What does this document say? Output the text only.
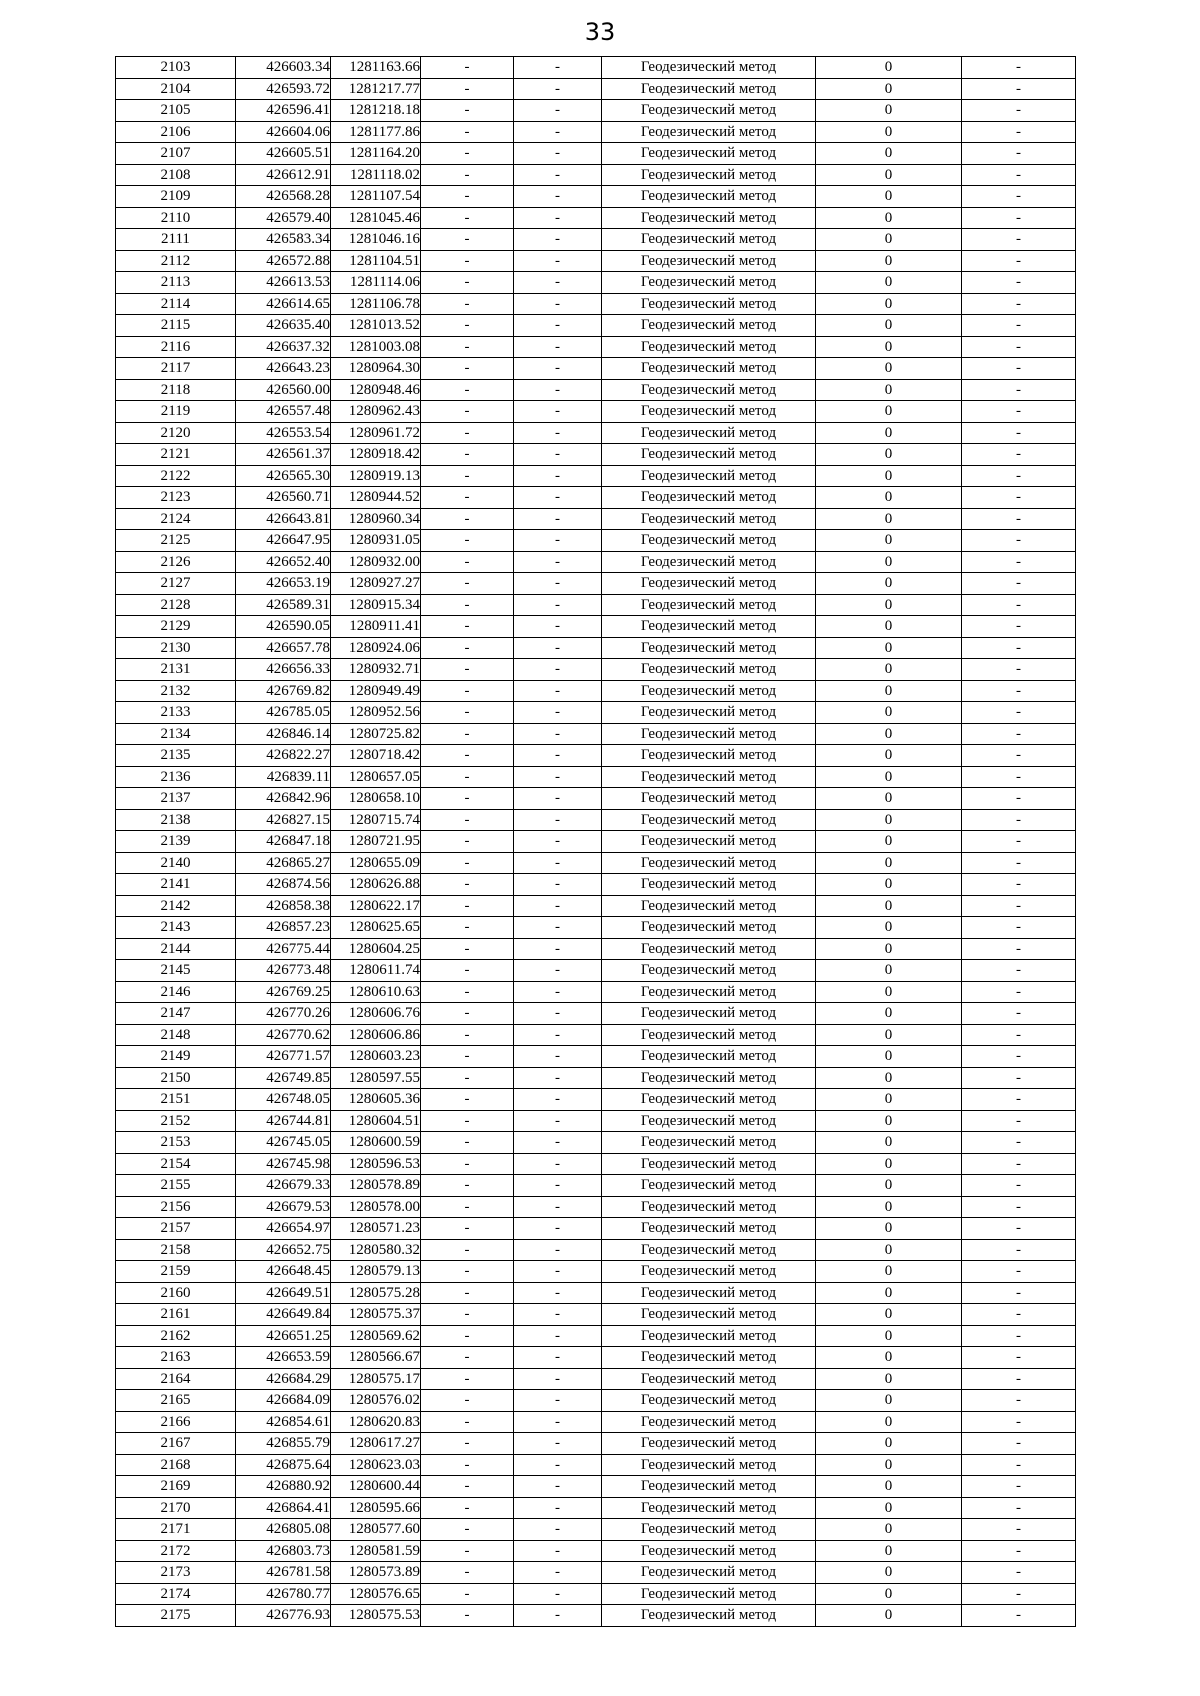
33
2103	426603.34	1281163.66	-	-	Геодезический метод	0	-
2104	426593.72	1281217.77	-	-	Геодезический метод	0	-
2105	426596.41	1281218.18	-	-	Геодезический метод	0	-
2106	426604.06	1281177.86	-	-	Геодезический метод	0	-
2107	426605.51	1281164.20	-	-	Геодезический метод	0	-
2108	426612.91	1281118.02	-	-	Геодезический метод	0	-
2109	426568.28	1281107.54	-	-	Геодезический метод	0	-
2110	426579.40	1281045.46	-	-	Геодезический метод	0	-
2111	426583.34	1281046.16	-	-	Геодезический метод	0	-
2112	426572.88	1281104.51	-	-	Геодезический метод	0	-
2113	426613.53	1281114.06	-	-	Геодезический метод	0	-
2114	426614.65	1281106.78	-	-	Геодезический метод	0	-
2115	426635.40	1281013.52	-	-	Геодезический метод	0	-
2116	426637.32	1281003.08	-	-	Геодезический метод	0	-
2117	426643.23	1280964.30	-	-	Геодезический метод	0	-
2118	426560.00	1280948.46	-	-	Геодезический метод	0	-
2119	426557.48	1280962.43	-	-	Геодезический метод	0	-
2120	426553.54	1280961.72	-	-	Геодезический метод	0	-
2121	426561.37	1280918.42	-	-	Геодезический метод	0	-
2122	426565.30	1280919.13	-	-	Геодезический метод	0	-
2123	426560.71	1280944.52	-	-	Геодезический метод	0	-
2124	426643.81	1280960.34	-	-	Геодезический метод	0	-
2125	426647.95	1280931.05	-	-	Геодезический метод	0	-
2126	426652.40	1280932.00	-	-	Геодезический метод	0	-
2127	426653.19	1280927.27	-	-	Геодезический метод	0	-
2128	426589.31	1280915.34	-	-	Геодезический метод	0	-
2129	426590.05	1280911.41	-	-	Геодезический метод	0	-
2130	426657.78	1280924.06	-	-	Геодезический метод	0	-
2131	426656.33	1280932.71	-	-	Геодезический метод	0	-
2132	426769.82	1280949.49	-	-	Геодезический метод	0	-
2133	426785.05	1280952.56	-	-	Геодезический метод	0	-
2134	426846.14	1280725.82	-	-	Геодезический метод	0	-
2135	426822.27	1280718.42	-	-	Геодезический метод	0	-
2136	426839.11	1280657.05	-	-	Геодезический метод	0	-
2137	426842.96	1280658.10	-	-	Геодезический метод	0	-
2138	426827.15	1280715.74	-	-	Геодезический метод	0	-
2139	426847.18	1280721.95	-	-	Геодезический метод	0	-
2140	426865.27	1280655.09	-	-	Геодезический метод	0	-
2141	426874.56	1280626.88	-	-	Геодезический метод	0	-
2142	426858.38	1280622.17	-	-	Геодезический метод	0	-
2143	426857.23	1280625.65	-	-	Геодезический метод	0	-
2144	426775.44	1280604.25	-	-	Геодезический метод	0	-
2145	426773.48	1280611.74	-	-	Геодезический метод	0	-
2146	426769.25	1280610.63	-	-	Геодезический метод	0	-
2147	426770.26	1280606.76	-	-	Геодезический метод	0	-
2148	426770.62	1280606.86	-	-	Геодезический метод	0	-
2149	426771.57	1280603.23	-	-	Геодезический метод	0	-
2150	426749.85	1280597.55	-	-	Геодезический метод	0	-
2151	426748.05	1280605.36	-	-	Геодезический метод	0	-
2152	426744.81	1280604.51	-	-	Геодезический метод	0	-
2153	426745.05	1280600.59	-	-	Геодезический метод	0	-
2154	426745.98	1280596.53	-	-	Геодезический метод	0	-
2155	426679.33	1280578.89	-	-	Геодезический метод	0	-
2156	426679.53	1280578.00	-	-	Геодезический метод	0	-
2157	426654.97	1280571.23	-	-	Геодезический метод	0	-
2158	426652.75	1280580.32	-	-	Геодезический метод	0	-
2159	426648.45	1280579.13	-	-	Геодезический метод	0	-
2160	426649.51	1280575.28	-	-	Геодезический метод	0	-
2161	426649.84	1280575.37	-	-	Геодезический метод	0	-
2162	426651.25	1280569.62	-	-	Геодезический метод	0	-
2163	426653.59	1280566.67	-	-	Геодезический метод	0	-
2164	426684.29	1280575.17	-	-	Геодезический метод	0	-
2165	426684.09	1280576.02	-	-	Геодезический метод	0	-
2166	426854.61	1280620.83	-	-	Геодезический метод	0	-
2167	426855.79	1280617.27	-	-	Геодезический метод	0	-
2168	426875.64	1280623.03	-	-	Геодезический метод	0	-
2169	426880.92	1280600.44	-	-	Геодезический метод	0	-
2170	426864.41	1280595.66	-	-	Геодезический метод	0	-
2171	426805.08	1280577.60	-	-	Геодезический метод	0	-
2172	426803.73	1280581.59	-	-	Геодезический метод	0	-
2173	426781.58	1280573.89	-	-	Геодезический метод	0	-
2174	426780.77	1280576.65	-	-	Геодезический метод	0	-
2175	426776.93	1280575.53	-	-	Геодезический метод	0	-
